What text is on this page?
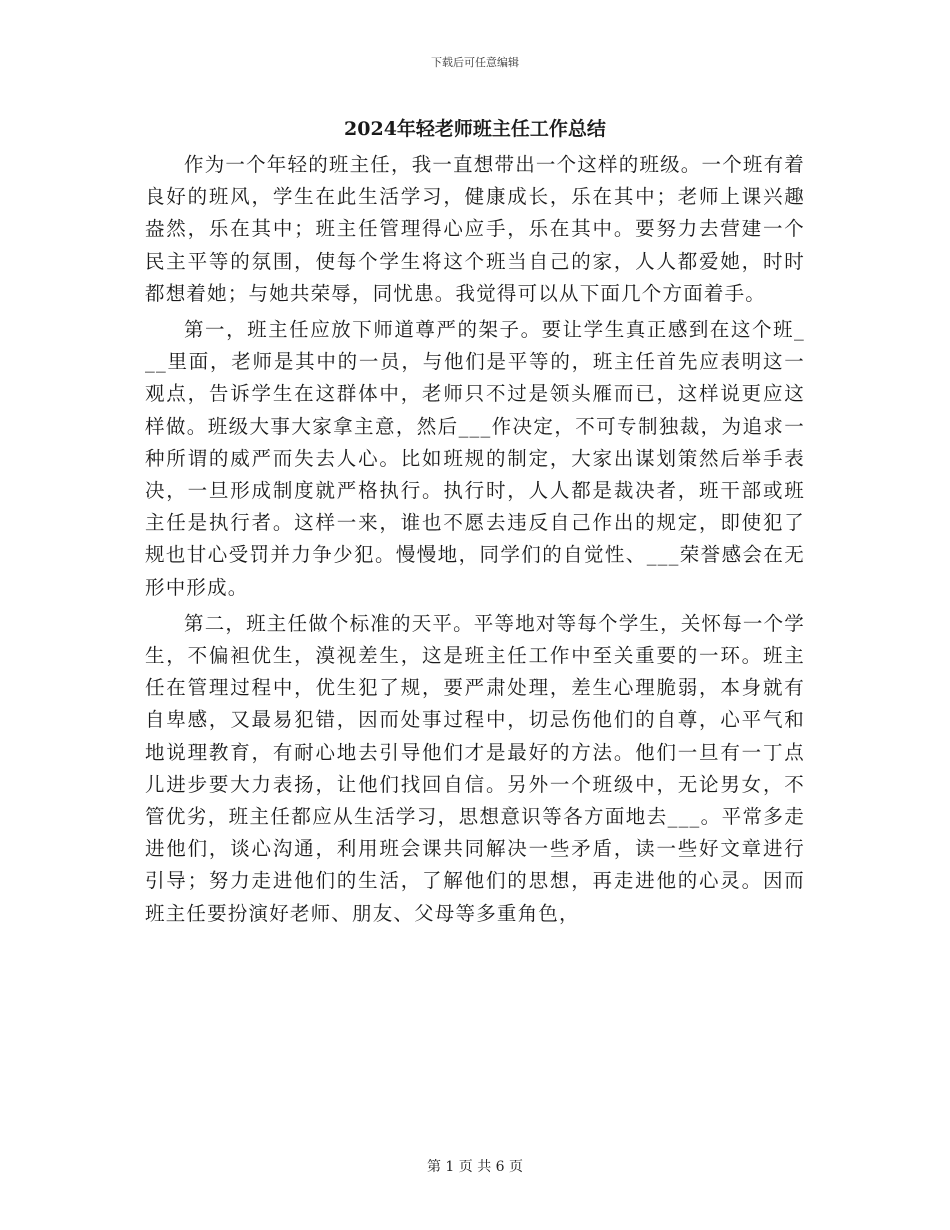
下载后可任意编辑
2024年轻老师班主任工作总结

作为一个年轻的班主任，我一直想带出一个这样的班级。一个班有着良好的班风，学生在此生活学习，健康成长，乐在其中；老师上课兴趣盎然，乐在其中；班主任管理得心应手，乐在其中。要努力去营建一个民主平等的氛围，使每个学生将这个班当自己的家，人人都爱她，时时都想着她；与她共荣辱，同忧患。我觉得可以从下面几个方面着手。

第一，班主任应放下师道尊严的架子。要让学生真正感到在这个班___里面，老师是其中的一员，与他们是平等的，班主任首先应表明这一观点，告诉学生在这群体中，老师只不过是领头雁而已，这样说更应这样做。班级大事大家拿主意，然后___作决定，不可专制独裁，为追求一种所谓的威严而失去人心。比如班规的制定，大家出谋划策然后举手表决，一旦形成制度就严格执行。执行时，人人都是裁决者，班干部或班主任是执行者。这样一来，谁也不愿去违反自己作出的规定，即使犯了规也甘心受罚并力争少犯。慢慢地，同学们的自觉性、___荣誉感会在无形中形成。

第二，班主任做个标准的天平。平等地对等每个学生，关怀每一个学生，不偏袒优生，漠视差生，这是班主任工作中至关重要的一环。班主任在管理过程中，优生犯了规，要严肃处理，差生心理脆弱，本身就有自卑感，又最易犯错，因而处事过程中，切忌伤他们的自尊，心平气和地说理教育，有耐心地去引导他们才是最好的方法。他们一旦有一丁点儿进步要大力表扬，让他们找回自信。另外一个班级中，无论男女，不管优劣，班主任都应从生活学习，思想意识等各方面地去___。平常多走进他们，谈心沟通，利用班会课共同解决一些矛盾，读一些好文章进行引导；努力走进他们的生活，了解他们的思想，再走进他的心灵。因而班主任要扮演好老师、朋友、父母等多重角色，

第 1 页 共 6 页
